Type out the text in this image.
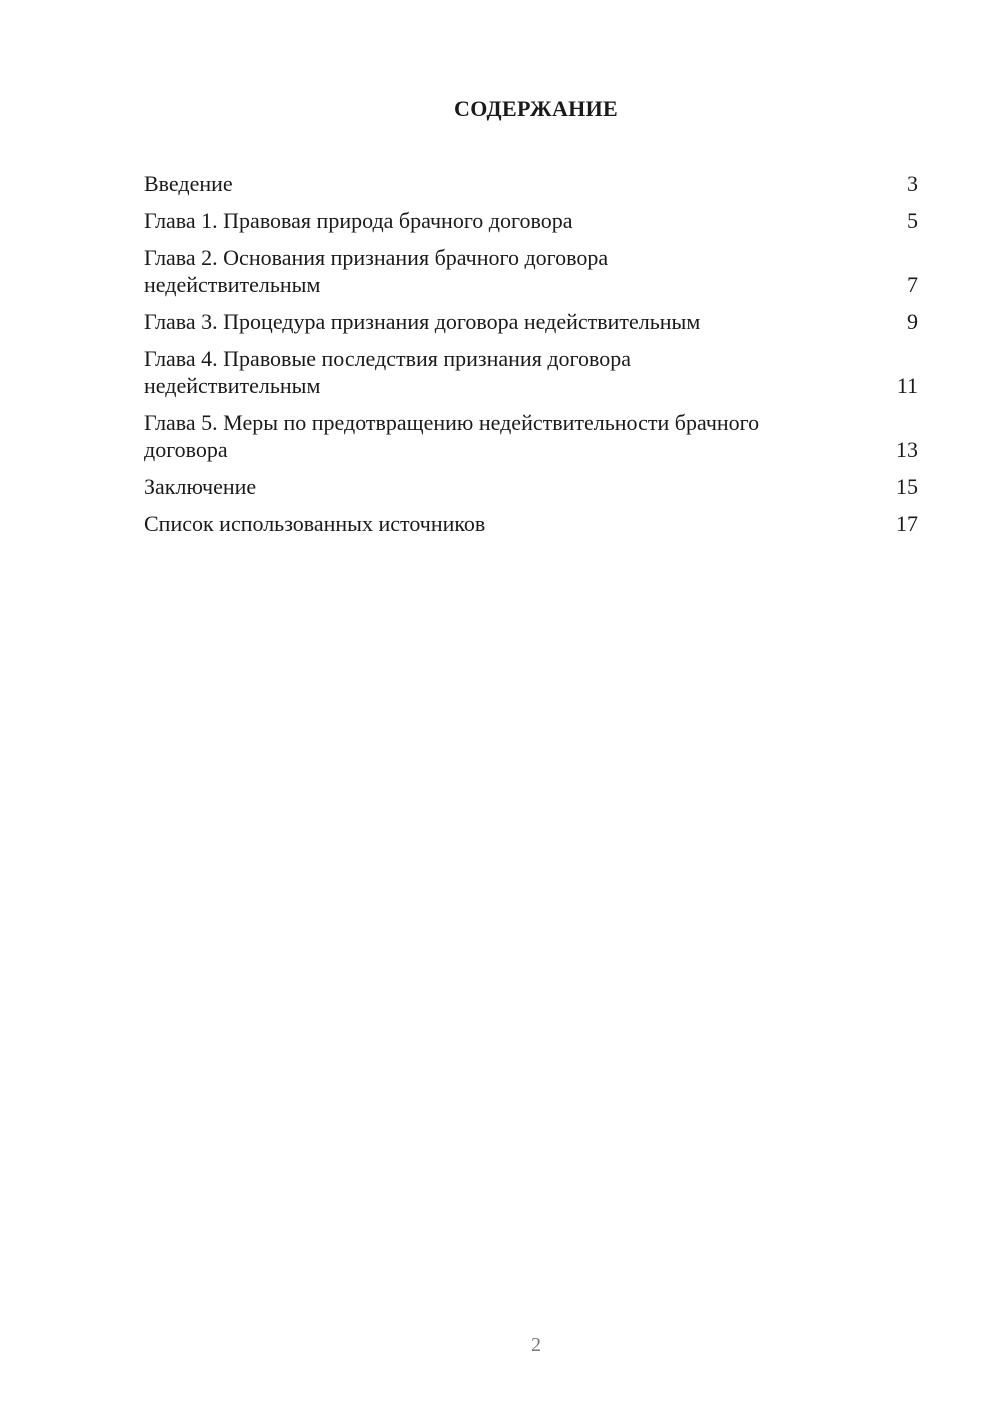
СОДЕРЖАНИЕ
Введение	3
Глава 1. Правовая природа брачного договора	5
Глава 2. Основания признания брачного договора недействительным	7
Глава 3. Процедура признания договора недействительным	9
Глава 4. Правовые последствия признания договора недействительным	11
Глава 5. Меры по предотвращению недействительности брачного договора	13
Заключение	15
Список использованных источников	17
2
